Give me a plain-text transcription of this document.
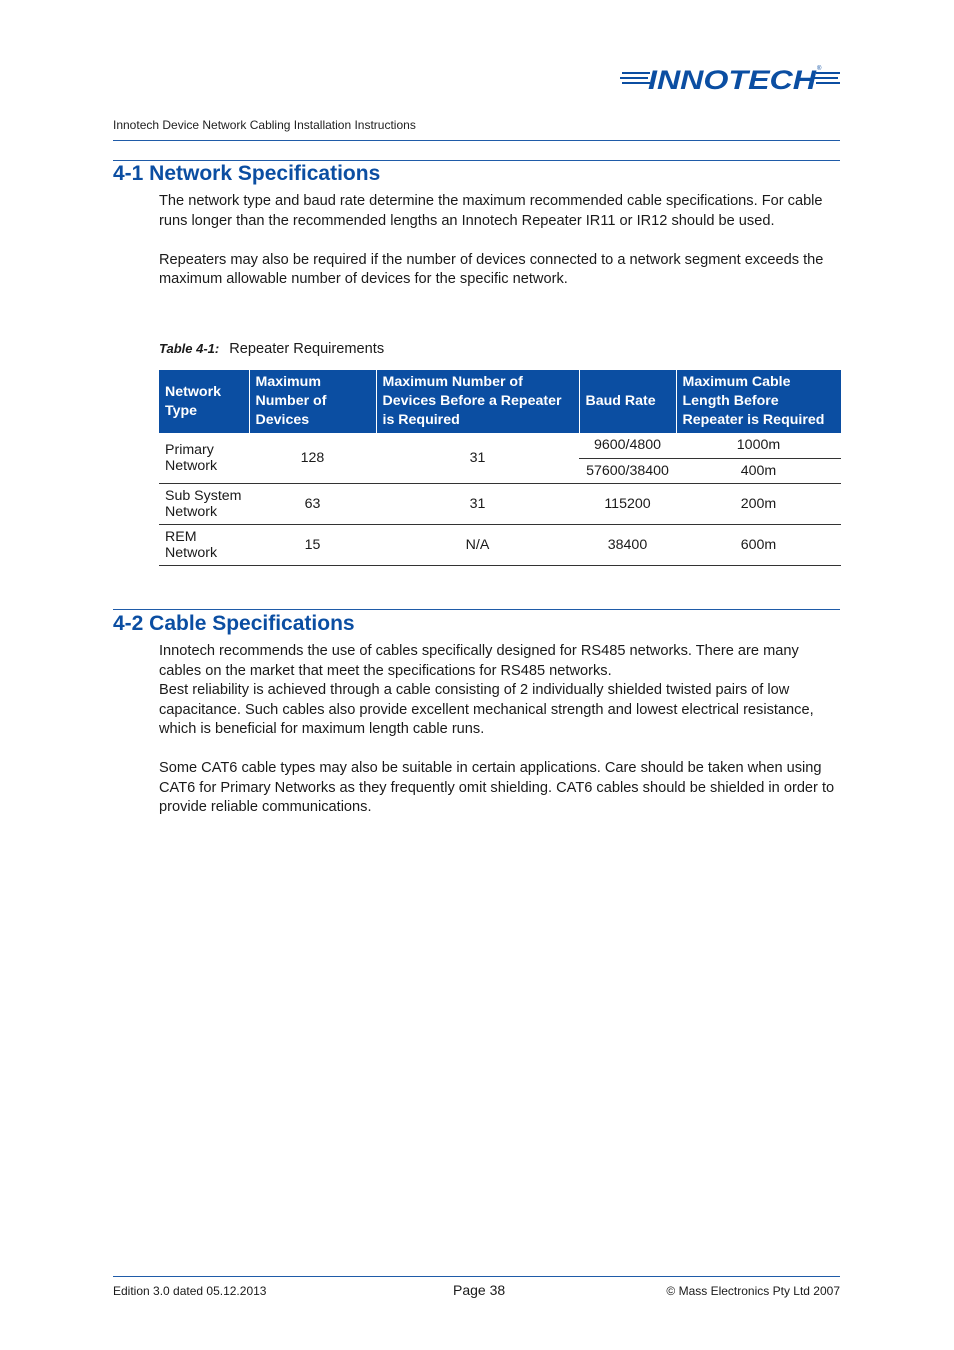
INNOTECH ®
Innotech Device Network Cabling Installation Instructions
4-1 Network Specifications

The network type and baud rate determine the maximum recommended cable specifications. For cable runs longer than the recommended lengths an Innotech Repeater IR11 or IR12 should be used.

Repeaters may also be required if the number of devices connected to a network segment exceeds the maximum allowable number of devices for the specific network.

Table 4-1: Repeater Requirements
Network Type	Maximum Number of Devices	Maximum Number of Devices Before a Repeater is Required	Baud Rate	Maximum Cable Length Before Repeater is Required
Primary Network	128	31	9600/4800	1000m
			57600/38400	400m
Sub System Network	63	31	115200	200m
REM Network	15	N/A	38400	600m
4-2 Cable Specifications

Innotech recommends the use of cables specifically designed for RS485 networks. There are many cables on the market that meet the specifications for RS485 networks.

Best reliability is achieved through a cable consisting of 2 individually shielded twisted pairs of low capacitance. Such cables also provide excellent mechanical strength and lowest electrical resistance, which is beneficial for maximum length cable runs.

Some CAT6 cable types may also be suitable in certain applications. Care should be taken when using CAT6 for Primary Networks as they frequently omit shielding. CAT6 cables should be shielded in order to provide reliable communications.

Edition 3.0 dated 05.12.2013	Page 38	© Mass Electronics Pty Ltd 2007
